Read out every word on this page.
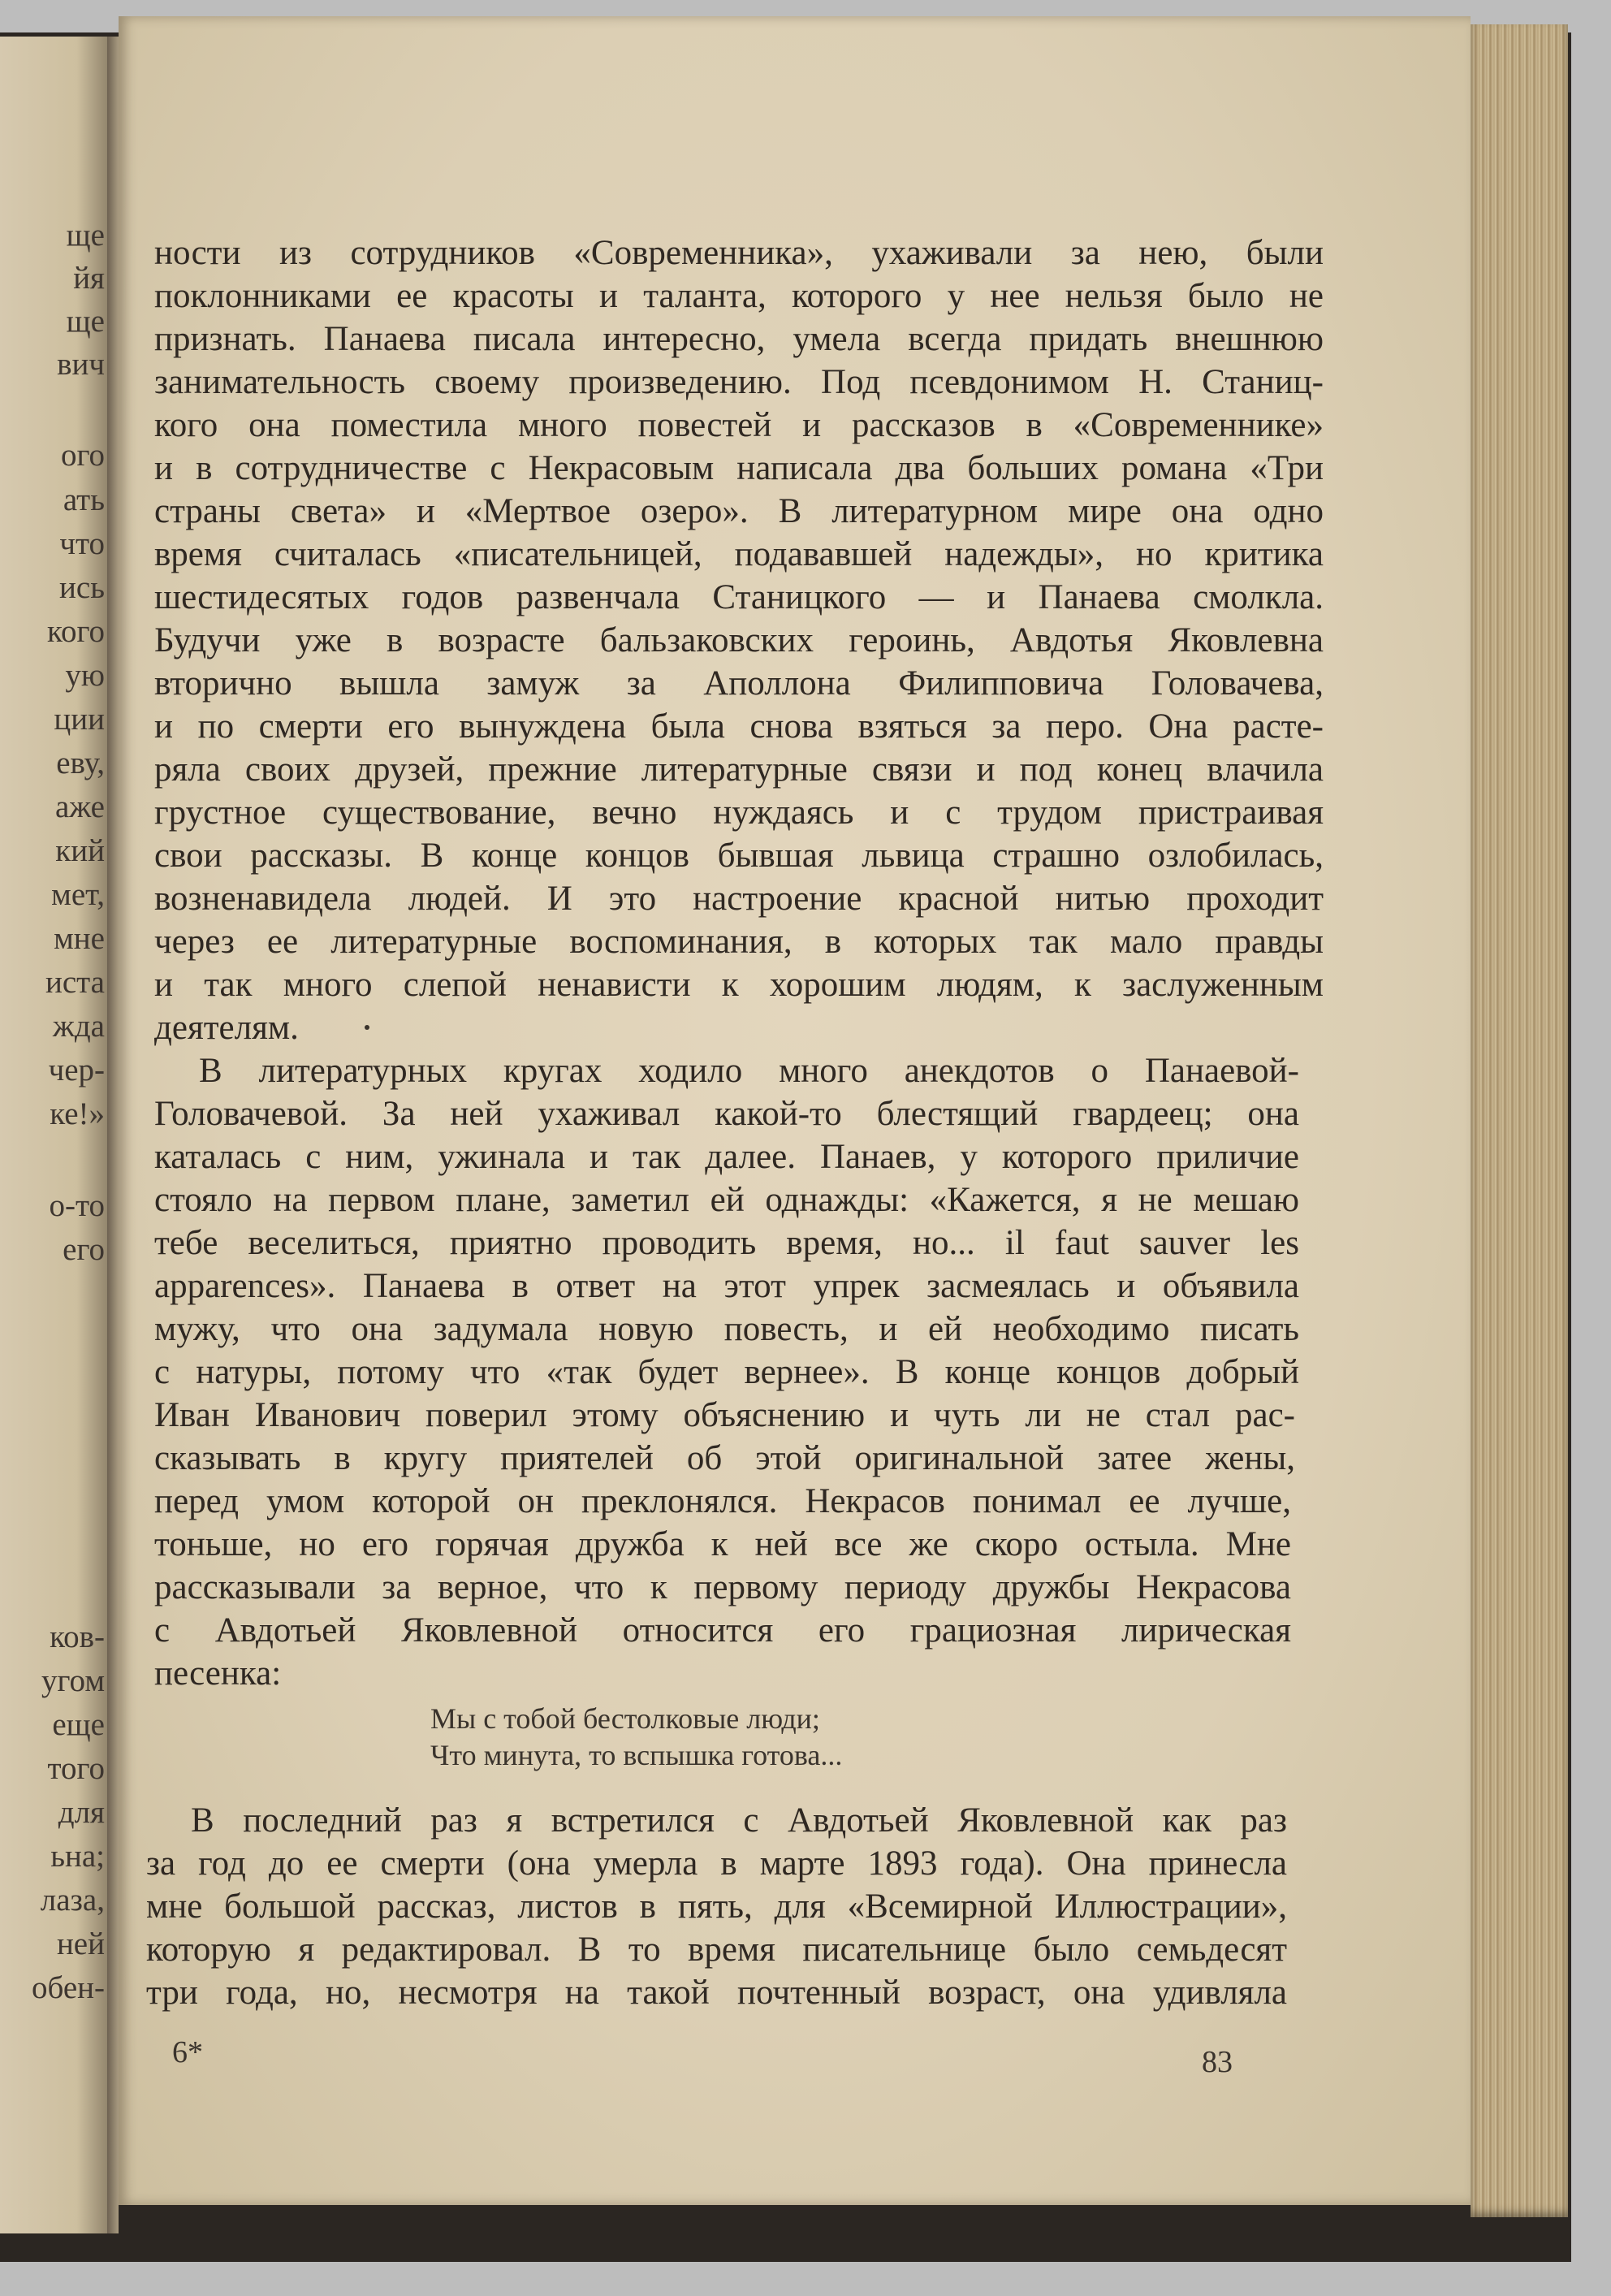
ще
йя
ще
вич
ого
ать
что
ись
кого
ую
ции
еву,
аже
кий
мет,
мне
иста
жда
чер-
ке!»
о-то
его
ков-
угом
ещe
того
для
ьна;
лаза,
ней
обен-
ности из сотрудников «Современника», ухаживали за нею, были
поклонниками ее красоты и таланта, которого у нее нельзя было не
признать. Панаева писала интересно, умела всегда придать внешнюю
занимательность своему произведению. Под псевдонимом Н. Станиц-
кого она поместила много повестей и рассказов в «Современнике»
и в сотрудничестве с Некрасовым написала два больших романа «Три
страны света» и «Мертвое озеро». В литературном мире она одно
время считалась «писательницей, подававшей надежды», но критика
шестидесятых годов развенчала Станицкого — и Панаева смолкла.
Будучи уже в возрасте бальзаковских героинь, Авдотья Яковлевна
вторично вышла замуж за Аполлона Филипповича Головачева,
и по смерти его вынуждена была снова взяться за перо. Она расте-
ряла своих друзей, прежние литературные связи и под конец влачила
грустное существование, вечно нуждаясь и с трудом пристраивая
свои рассказы. В конце концов бывшая львица страшно озлобилась,
возненавидела людей. И это настроение красной нитью проходит
через ее литературные воспоминания, в которых так мало правды
и так много слепой ненависти к хорошим людям, к заслуженным
деятелям.
В литературных кругах ходило много анекдотов о Панаевой-
Головачевой. За ней ухаживал какой-то блестящий гвардеец; она
каталась с ним, ужинала и так далее. Панаев, у которого приличие
стояло на первом плане, заметил ей однажды: «Кажется, я не мешаю
тебе веселиться, приятно проводить время, но... il faut sauver les
apparences». Панаева в ответ на этот упрек засмеялась и объявила
мужу, что она задумала новую повесть, и ей необходимо писать
с натуры, потому что «так будет вернее». В конце концов добрый
Иван Иванович поверил этому объяснению и чуть ли не стал рас-
сказывать в кругу приятелей об этой оригинальной затее жены,
перед умом которой он преклонялся. Некрасов понимал ее лучше,
тоньше, но его горячая дружба к ней все же скоро остыла. Мне
рассказывали за верное, что к первому периоду дружбы Некрасова
с Авдотьей Яковлевной относится его грациозная лирическая
песенка:
Мы с тобой бестолковые люди;
Что минута, то вспышка готова...
В последний раз я встретился с Авдотьей Яковлевной как раз
за год до ее смерти (она умерла в марте 1893 года). Она принесла
мне большой рассказ, листов в пять, для «Всемирной Иллюстрации»,
которую я редактировал. В то время писательнице было семьдесят
три года, но, несмотря на такой почтенный возраст, она удивляла
6*	83
